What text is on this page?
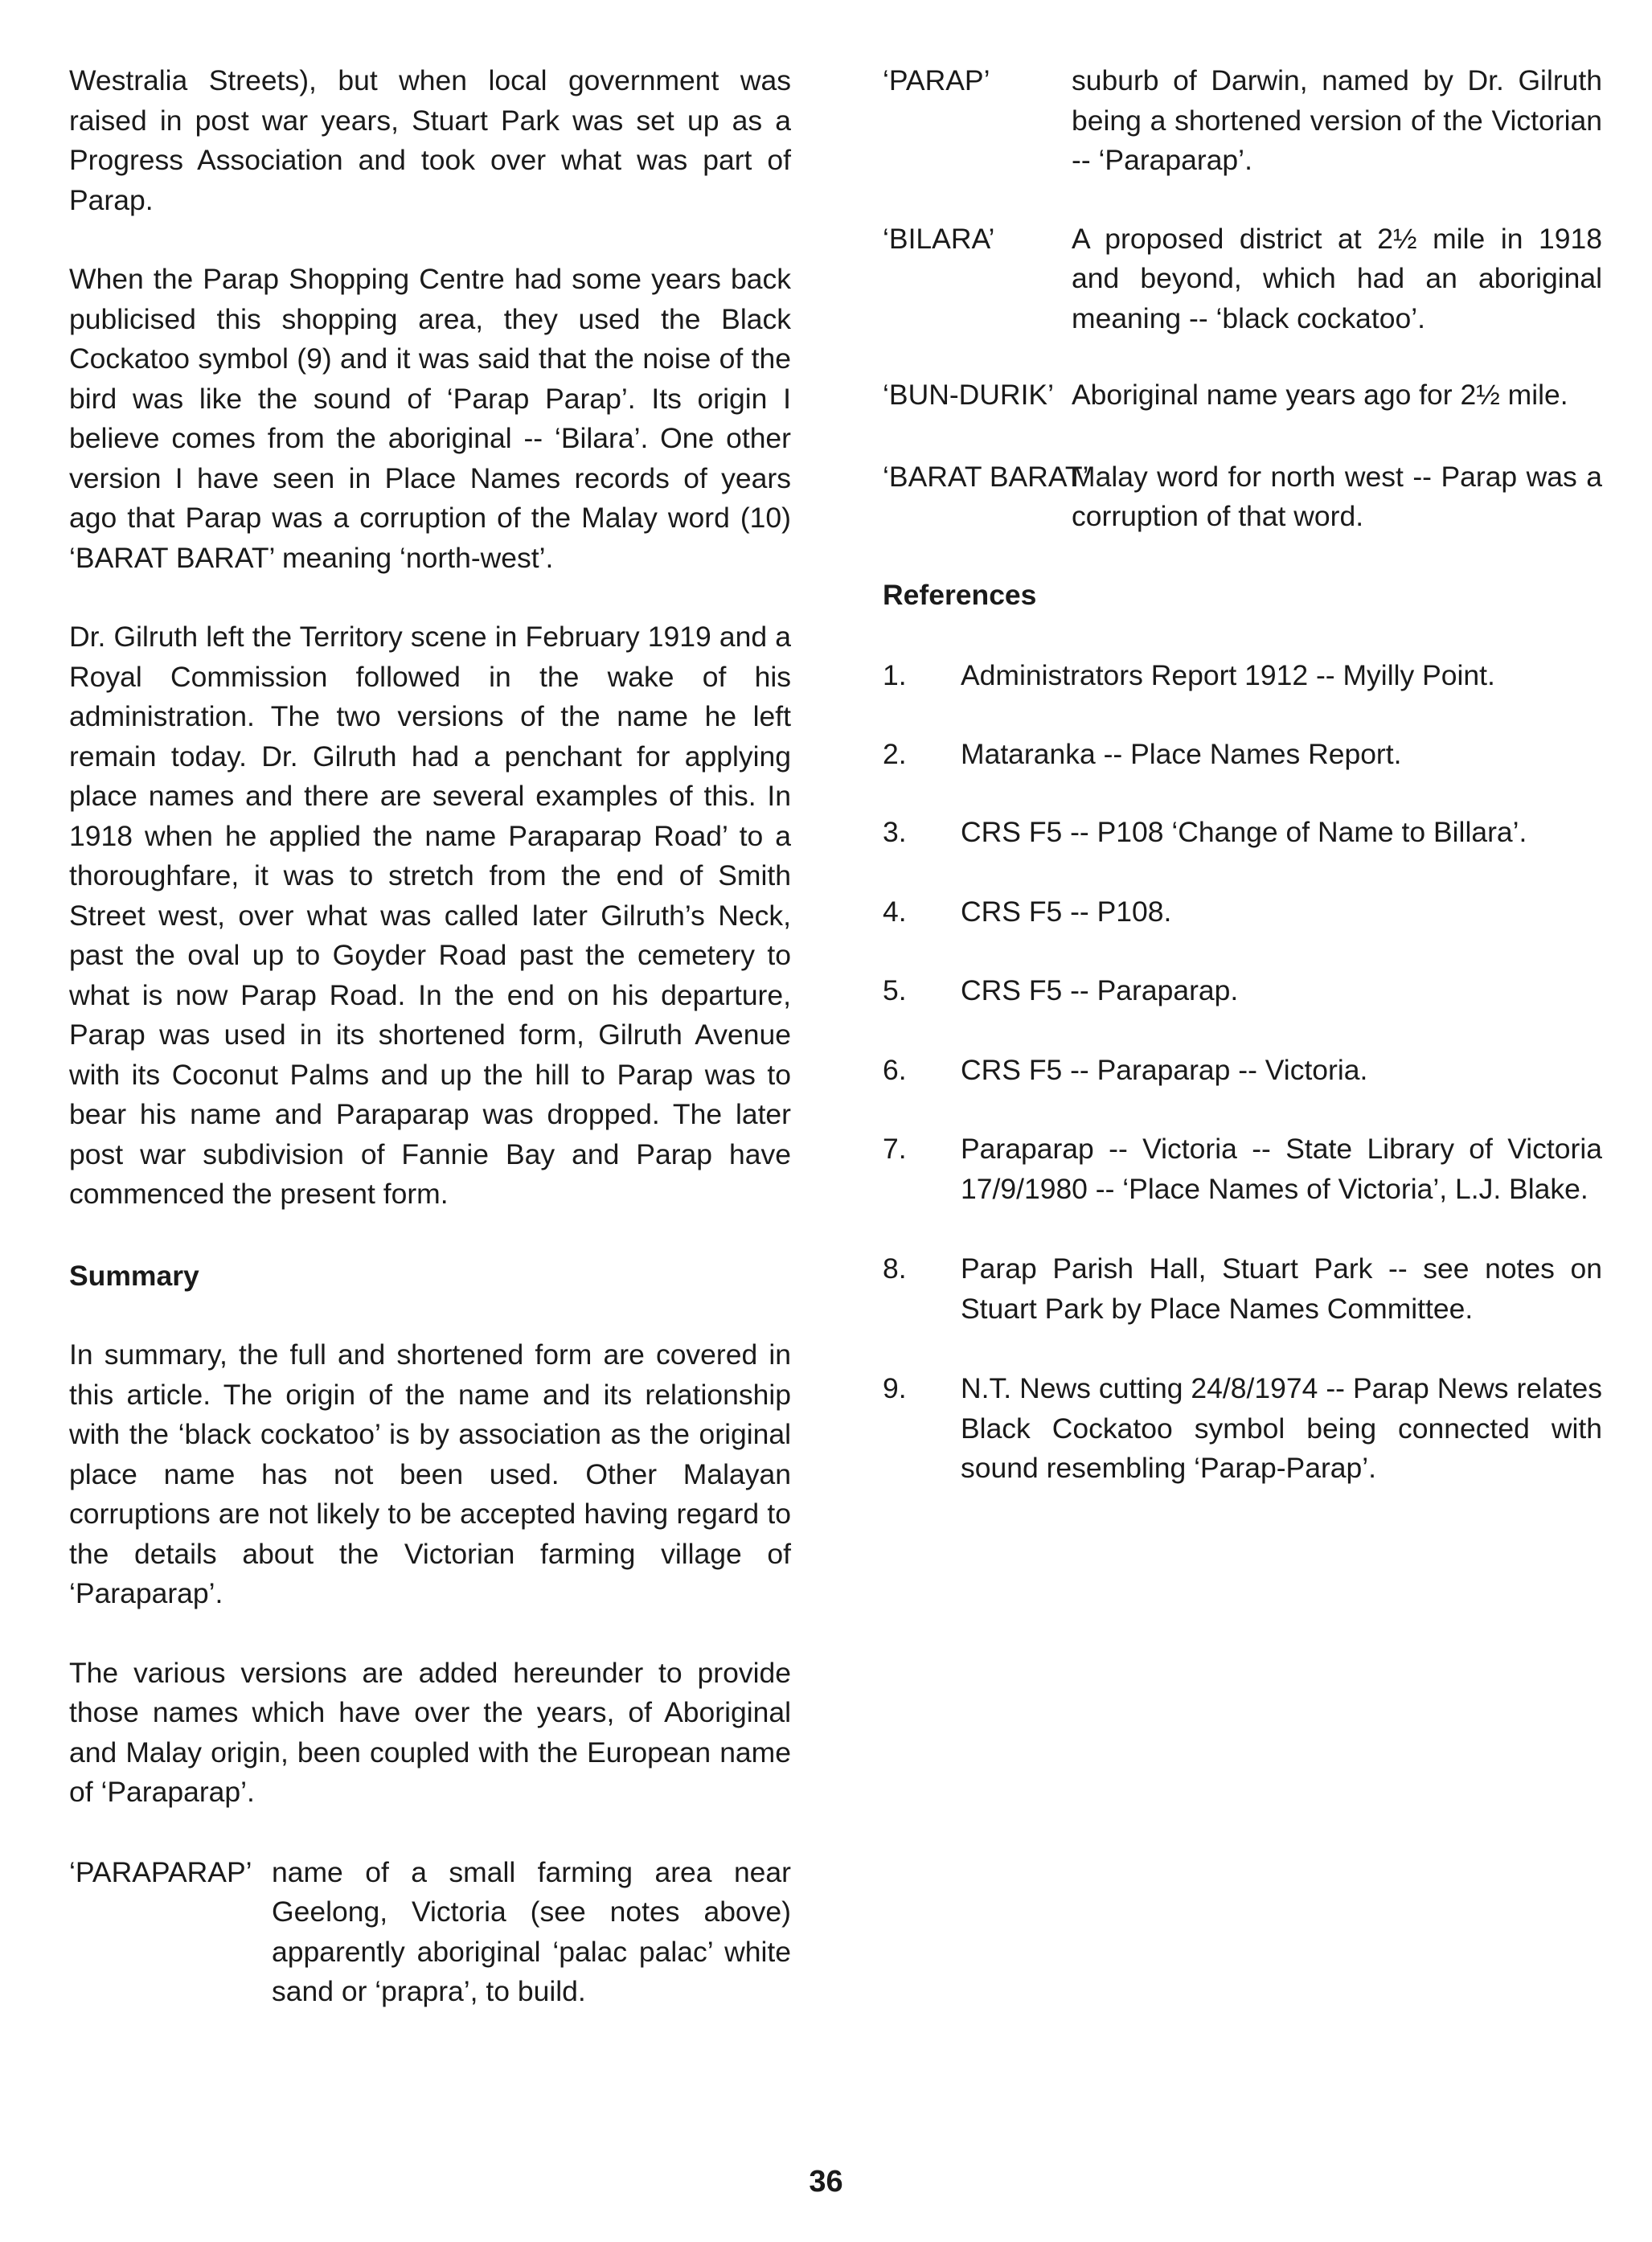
Westralia Streets), but when local government was raised in post war years, Stuart Park was set up as a Progress Association and took over what was part of Parap.

When the Parap Shopping Centre had some years back publicised this shopping area, they used the Black Cockatoo symbol (9) and it was said that the noise of the bird was like the sound of ‘Parap Parap’. Its origin I believe comes from the aboriginal -- ‘Bilara’. One other version I have seen in Place Names records of years ago that Parap was a corruption of the Malay word (10) ‘BARAT BARAT’ meaning ‘north-west’.

Dr. Gilruth left the Territory scene in February 1919 and a Royal Commission followed in the wake of his administration. The two versions of the name he left remain today. Dr. Gilruth had a penchant for applying place names and there are several examples of this. In 1918 when he applied the name Paraparap Road’ to a thoroughfare, it was to stretch from the end of Smith Street west, over what was called later Gilruth’s Neck, past the oval up to Goyder Road past the cemetery to what is now Parap Road. In the end on his departure, Parap was used in its shortened form, Gilruth Avenue with its Coconut Palms and up the hill to Parap was to bear his name and Paraparap was dropped. The later post war subdivision of Fannie Bay and Parap have commenced the present form.

Summary

In summary, the full and shortened form are covered in this article. The origin of the name and its relationship with the ‘black cockatoo’ is by association as the original place name has not been used. Other Malayan corruptions are not likely to be accepted having regard to the details about the Victorian farming village of ‘Paraparap’.

The various versions are added hereunder to provide those names which have over the years, of Aboriginal and Malay origin, been coupled with the European name of ‘Paraparap’.

‘PARAPARAP’ name of a small farming area near Geelong, Victoria (see notes above) apparently aboriginal ‘palac palac’ white sand or ‘prapra’, to build.

‘PARAP’	suburb of Darwin, named by Dr. Gilruth being a shortened version of the Victorian -- ‘Paraparap’.

‘BILARA’	A proposed district at 2½ mile in 1918 and beyond, which had an aboriginal meaning -- ‘black cockatoo’.

‘BUN-DURIK’ Aboriginal name years ago for 2½ mile.

‘BARAT BARAT’

Malay word for north west -- Parap was a corruption of that word.

References

1. Administrators Report 1912 -- Myilly Point.

2. Mataranka -- Place Names Report.

3. CRS F5 -- P108 ‘Change of Name to Billara’.

4. CRS F5 -- P108.

5. CRS F5 -- Paraparap.

6. CRS F5 -- Paraparap -- Victoria.

7. Paraparap -- Victoria -- State Library of Victoria 17/9/1980 -- ‘Place Names of Victoria’, L.J. Blake.

8. Parap Parish Hall, Stuart Park -- see notes on Stuart Park by Place Names Committee.

9. N.T. News cutting 24/8/1974 -- Parap News relates Black Cockatoo symbol being connected with sound resembling ‘Parap-Parap’.

36
